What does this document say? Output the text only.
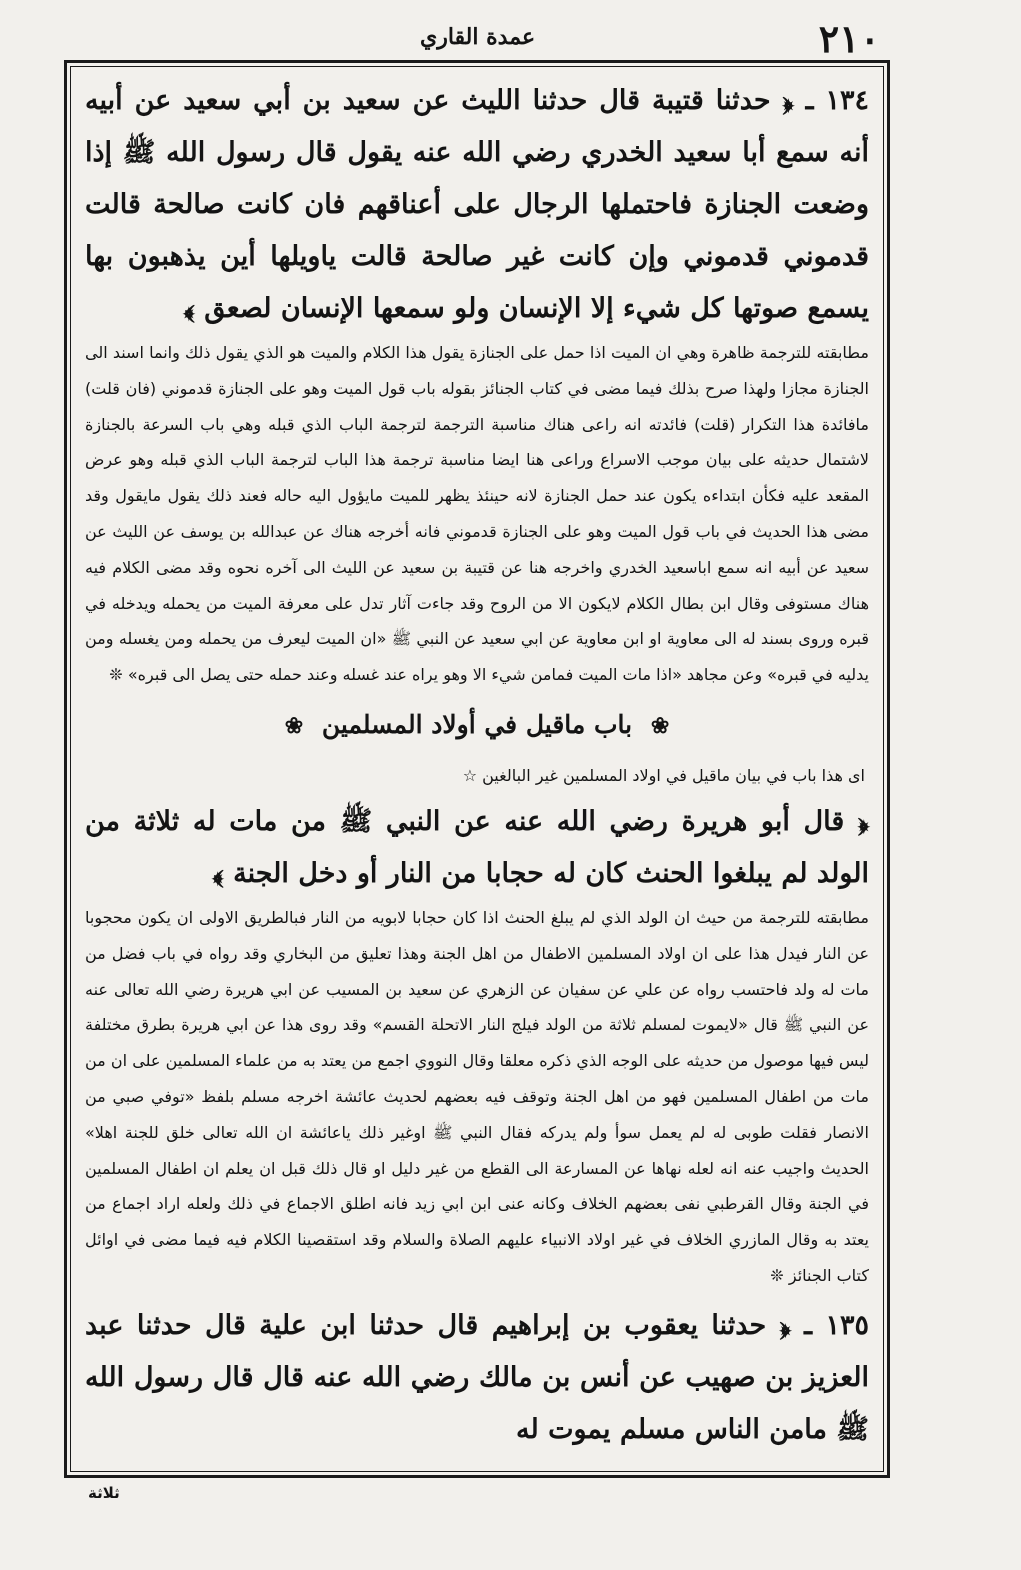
عمدة القاري	٢١٠

١٣٤ ـ ﴿ حدثنا قتيبة قال حدثنا الليث عن سعيد بن أبي سعيد عن أبيه أنه سمع أبا سعيد الخدري رضي الله عنه يقول قال رسول الله ﷺ إذا وضعت الجنازة فاحتملها الرجال على أعناقهم فان كانت صالحة قالت قدموني قدموني وإن كانت غير صالحة قالت ياويلها أين يذهبون بها يسمع صوتها كل شيء إلا الإنسان ولو سمعها الإنسان لصعق ﴾

مطابقته للترجمة ظاهرة وهي ان الميت اذا حمل على الجنازة يقول هذا الكلام والميت هو الذي يقول ذلك وانما اسند الى الجنازة مجازا ولهذا صرح بذلك فيما مضى في كتاب الجنائز بقوله باب قول الميت وهو على الجنازة قدموني (فان قلت) مافائدة هذا التكرار (قلت) فائدته انه راعى هناك مناسبة الترجمة لترجمة الباب الذي قبله وهي باب السرعة بالجنازة لاشتمال حديثه على بيان موجب الاسراع وراعى هنا ايضا مناسبة ترجمة هذا الباب لترجمة الباب الذي قبله وهو عرض المقعد عليه فكأن ابتداءه يكون عند حمل الجنازة لانه حينئذ يظهر للميت مايؤول اليه حاله فعند ذلك يقول مايقول وقد مضى هذا الحديث في باب قول الميت وهو على الجنازة قدموني فانه أخرجه هناك عن عبدالله بن يوسف عن الليث عن سعيد عن أبيه انه سمع اباسعيد الخدري واخرجه هنا عن قتيبة بن سعيد عن الليث الى آخره نحوه وقد مضى الكلام فيه هناك مستوفى وقال ابن بطال الكلام لايكون الا من الروح وقد جاءت آثار تدل على معرفة الميت من يحمله ويدخله في قبره وروى بسند له الى معاوية او ابن معاوية عن ابي سعيد عن النبي ﷺ «ان الميت ليعرف من يحمله ومن يغسله ومن يدليه في قبره» وعن مجاهد «اذا مات الميت فمامن شيء الا وهو يراه عند غسله وعند حمله حتى يصل الى قبره» ❊

❀ باب ماقيل في أولاد المسلمين ❀

اى هذا باب في بيان ماقيل في اولاد المسلمين غير البالغين ☆

﴿ قال أبو هريرة رضي الله عنه عن النبي ﷺ من مات له ثلاثة من الولد لم يبلغوا الحنث كان له حجابا من النار أو دخل الجنة ﴾

مطابقته للترجمة من حيث ان الولد الذي لم يبلغ الحنث اذا كان حجابا لابويه من النار فبالطريق الاولى ان يكون محجوبا عن النار فيدل هذا على ان اولاد المسلمين الاطفال من اهل الجنة وهذا تعليق من البخاري وقد رواه في باب فضل من مات له ولد فاحتسب رواه عن علي عن سفيان عن الزهري عن سعيد بن المسيب عن ابي هريرة رضي الله تعالى عنه عن النبي ﷺ قال «لايموت لمسلم ثلاثة من الولد فيلج النار الاتحلة القسم» وقد روى هذا عن ابي هريرة بطرق مختلفة ليس فيها موصول من حديثه على الوجه الذي ذكره معلقا وقال النووي اجمع من يعتد به من علماء المسلمين على ان من مات من اطفال المسلمين فهو من اهل الجنة وتوقف فيه بعضهم لحديث عائشة اخرجه مسلم بلفظ «توفي صبي من الانصار فقلت طوبى له لم يعمل سوأ ولم يدركه فقال النبي ﷺ اوغير ذلك ياعائشة ان الله تعالى خلق للجنة اهلا» الحديث واجيب عنه انه لعله نهاها عن المسارعة الى القطع من غير دليل او قال ذلك قبل ان يعلم ان اطفال المسلمين في الجنة وقال القرطبي نفى بعضهم الخلاف وكانه عنى ابن ابي زيد فانه اطلق الاجماع في ذلك ولعله اراد اجماع من يعتد به وقال المازري الخلاف في غير اولاد الانبياء عليهم الصلاة والسلام وقد استقصينا الكلام فيه فيما مضى في اوائل كتاب الجنائز ❊

١٣٥ ـ ﴿ حدثنا يعقوب بن إبراهيم قال حدثنا ابن علية قال حدثنا عبد العزيز بن صهيب عن أنس بن مالك رضي الله عنه قال قال رسول الله ﷺ مامن الناس مسلم يموت له

ثلاثة
